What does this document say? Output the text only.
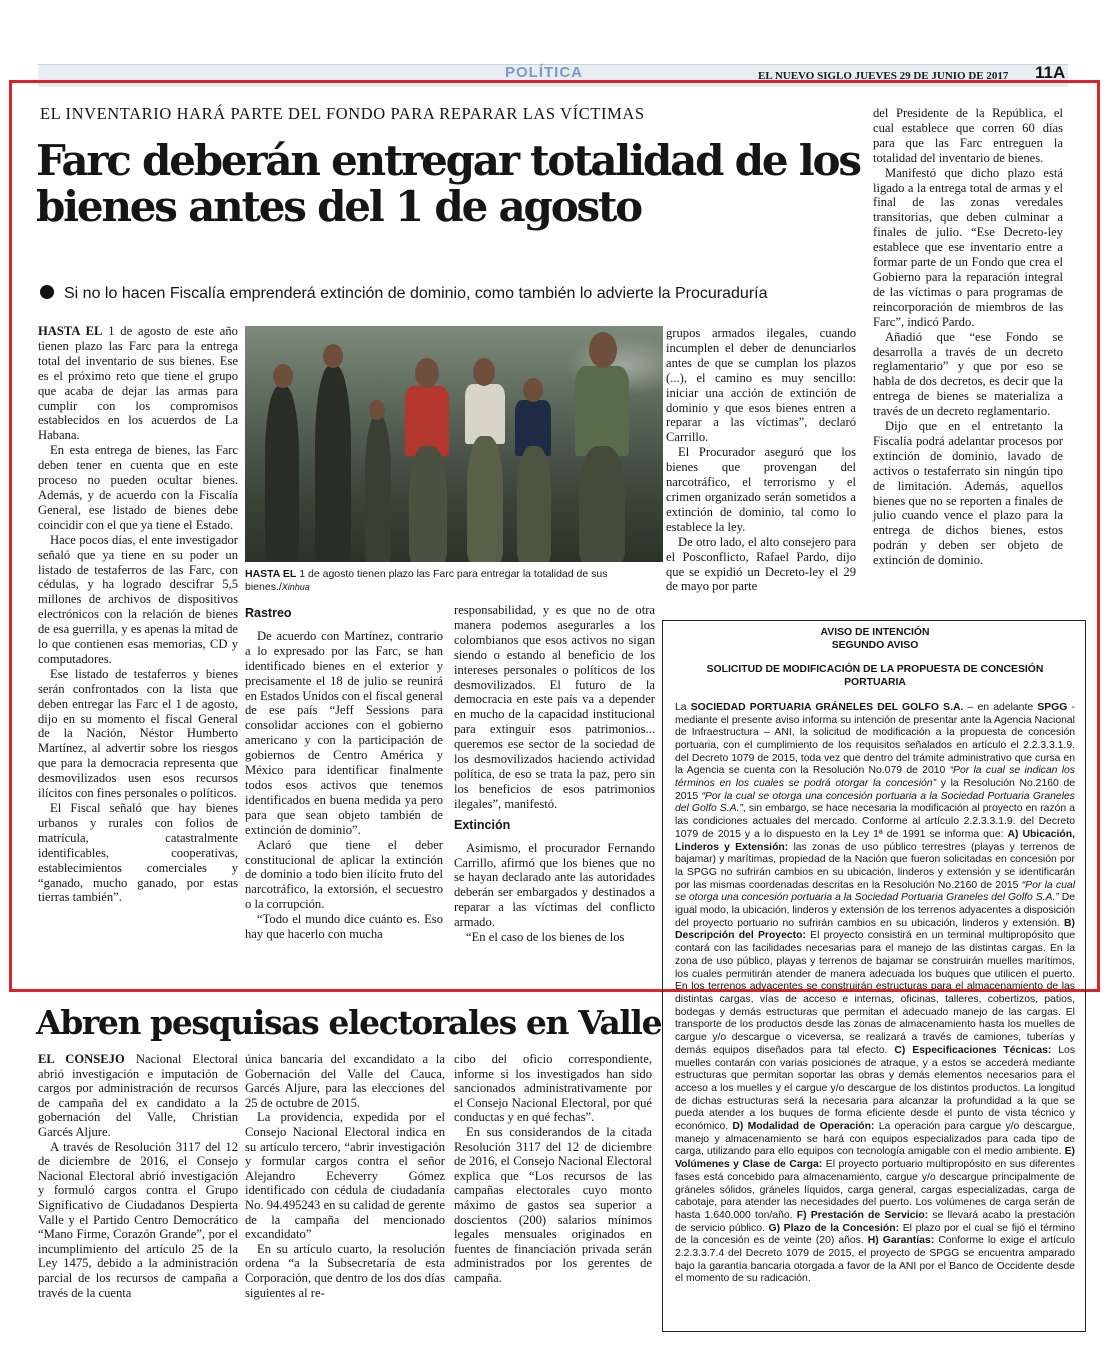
POLÍTICA	EL NUEVO SIGLO JUEVES 29 DE JUNIO DE 2017 11A
EL INVENTARIO HARÁ PARTE DEL FONDO PARA REPARAR LAS VÍCTIMAS
Farc deberán entregar totalidad de los bienes antes del 1 de agosto
Si no lo hacen Fiscalía emprenderá extinción de dominio, como también lo advierte la Procuraduría

HASTA EL 1 de agosto de este año tienen plazo las Farc para la entrega total del inventario de sus bienes. Ese es el próximo reto que tiene el grupo que acaba de dejar las armas para cumplir con los compromisos establecidos en los acuerdos de La Habana.

En esta entrega de bienes, las Farc deben tener en cuenta que en este proceso no pueden ocultar bienes. Además, y de acuerdo con la Fiscalía General, ese listado de bienes debe coincidir con el que ya tiene el Estado.

Hace pocos días, el ente investigador señaló que ya tiene en su poder un listado de testaferros de las Farc, con cédulas, y ha logrado descifrar 5,5 millones de archivos de dispositivos electrónicos con la relación de bienes de esa guerrilla, y es apenas la mitad de lo que contienen esas memorias, CD y computadores.

Ese listado de testaferros y bienes serán confrontados con la lista que deben entregar las Farc el 1 de agosto, dijo en su momento el fiscal General de la Nación, Néstor Humberto Martínez, al advertir sobre los riesgos que para la democracia representa que desmovilizados usen esos recursos ilícitos con fines personales o políticos.

El Fiscal señaló que hay bienes urbanos y rurales con folios de matrícula, catastralmente identificables, cooperativas, establecimientos comerciales y “ganado, mucho ganado, por estas tierras también”.

HASTA EL 1 de agosto tienen plazo las Farc para entregar la totalidad de sus bienes./Xinhua
Rastreo

De acuerdo con Martínez, contrario a lo expresado por las Farc, se han identificado bienes en el exterior y precisamente el 18 de julio se reunirá en Estados Unidos con el fiscal general de ese país “Jeff Sessions para consolidar acciones con el gobierno americano y con la participación de gobiernos de Centro América y México para identificar finalmente todos esos activos que tenemos identificados en buena medida ya pero para que sean objeto también de extinción de dominio”.

Aclaró que tiene el deber constitucional de aplicar la extinción de dominio a todo bien ilícito fruto del narcotráfico, la extorsión, el secuestro o la corrupción.

“Todo el mundo dice cuánto es. Eso hay que hacerlo con mucha

responsabilidad, y es que no de otra manera podemos asegurarles a los colombianos que esos activos no sigan siendo o estando al beneficio de los intereses personales o políticos de los desmovilizados. El futuro de la democracia en este país va a depender en mucho de la capacidad institucional para extinguir esos patrimonios... queremos ese sector de la sociedad de los desmovilizados haciendo actividad política, de eso se trata la paz, pero sin los beneficios de esos patrimonios ilegales”, manifestó.

Extinción

Asimismo, el procurador Fernando Carrillo, afirmó que los bienes que no se hayan declarado ante las autoridades deberán ser embargados y destinados a reparar a las víctimas del conflicto armado.

“En el caso de los bienes de los

grupos armados ilegales, cuando incumplen el deber de denunciarlos antes de que se cumplan los plazos (...), el camino es muy sencillo: iniciar una acción de extinción de dominio y que esos bienes entren a reparar a las víctimas”, declaró Carrillo.

El Procurador aseguró que los bienes que provengan del narcotráfico, el terrorismo y el crimen organizado serán sometidos a extinción de dominio, tal como lo establece la ley.

De otro lado, el alto consejero para el Posconflicto, Rafael Pardo, dijo que se expidió un Decreto-ley el 29 de mayo por parte

del Presidente de la República, el cual establece que corren 60 días para que las Farc entreguen la totalidad del inventario de bienes.

Manifestó que dicho plazo está ligado a la entrega total de armas y el final de las zonas veredales transitorias, que deben culminar a finales de julio. “Ese Decreto-ley establece que ese inventario entre a formar parte de un Fondo que crea el Gobierno para la reparación integral de las víctimas o para programas de reincorporación de miembros de las Farc”, indicó Pardo.

Añadió que “ese Fondo se desarrolla a través de un decreto reglamentario” y que por eso se habla de dos decretos, es decir que la entrega de bienes se materializa a través de un decreto reglamentario.

Dijo que en el entretanto la Fiscalía podrá adelantar procesos por extinción de dominio, lavado de activos o testaferrato sin ningún tipo de limitación. Además, aquellos bienes que no se reporten a finales de julio cuando vence el plazo para la entrega de dichos bienes, estos podrán y deben ser objeto de extinción de dominio.

AVISO DE INTENCIÓN
SEGUNDO AVISO
SOLICITUD DE MODIFICACIÓN DE LA PROPUESTA DE CONCESIÓN PORTUARIA

La SOCIEDAD PORTUARIA GRÁNELES DEL GOLFO S.A. – en adelante SPGG - mediante el presente aviso informa su intención de presentar ante la Agencia Nacional de Infraestructura – ANI, la solicitud de modificación a la propuesta de concesión portuaria, con el cumplimiento de los requisitos señalados en artículo el 2.2.3.3.1.9. del Decreto 1079 de 2015, toda vez que dentro del trámite administrativo que cursa en la Agencia se cuenta con la Resolución No.079 de 2010 “Por la cual se indican los términos en los cuales se podrá otorgar la concesión” y la Resolución No.2160 de 2015 “Por la cual se otorga una concesión portuaria a la Sociedad Portuaria Graneles del Golfo S.A.”, sin embargo, se hace necesaria la modificación al proyecto en razón a las condiciones actuales del mercado. Conforme al artículo 2.2.3.3.1.9. del Decreto 1079 de 2015 y a lo dispuesto en la Ley 1ª de 1991 se informa que: A) Ubicación, Linderos y Extensión: las zonas de uso público terrestres (playas y terrenos de bajamar) y marítimas, propiedad de la Nación que fueron solicitadas en concesión por la SPGG no sufrirán cambios en su ubicación, linderos y extensión y se identificarán por las mismas coordenadas descritas en la Resolución No.2160 de 2015 “Por la cual se otorga una concesión portuaria a la Sociedad Portuaria Graneles del Golfo S.A.” De igual modo, la ubicación, linderos y extensión de los terrenos adyacentes a disposición del proyecto portuario no sufrirán cambios en su ubicación, linderos y extensión. B) Descripción del Proyecto: El proyecto consistirá en un terminal multipropósito que contará con las facilidades necesarias para el manejo de las distintas cargas. En la zona de uso público, playas y terrenos de bajamar se construirán muelles marítimos, los cuales permitirán atender de manera adecuada los buques que utilicen el puerto. En los terrenos adyacentes se construirán estructuras para el almacenamiento de las distintas cargas, vías de acceso e internas, oficinas, talleres, cobertizos, patios, bodegas y demás estructuras que permitan el adecuado manejo de las cargas. El transporte de los productos desde las zonas de almacenamiento hasta los muelles de cargue y/o descargue o viceversa, se realizará a través de camiones, tuberías y demás equipos diseñados para tal efecto. C) Especificaciones Técnicas: Los muelles contarán con varias posiciones de atraque, y a estos se accederá mediante estructuras que permitan soportar las obras y demás elementos necesarios para el acceso a los muelles y el cargue y/o descargue de los distintos productos. La longitud de dichas estructuras será la necesaria para alcanzar la profundidad a la que se pueda atender a los buques de forma eficiente desde el punto de vista técnico y económico. D) Modalidad de Operación: La operación para cargue y/o descargue, manejo y almacenamiento se hará con equipos especializados para cada tipo de carga, utilizando para ello equipos con tecnología amigable con el medio ambiente. E) Volúmenes y Clase de Carga: El proyecto portuario multipropósito en sus diferentes fases está concebido para almacenamiento, cargue y/o descargue principalmente de gráneles sólidos, gráneles líquidos, carga general, cargas especializadas, carga de cabotaje, para atender las necesidades del puerto. Los volúmenes de carga serán de hasta 1.640.000 ton/año. F) Prestación de Servicio: se llevará acabo la prestación de servicio público. G) Plazo de la Concesión: El plazo por el cual se fijó el término de la concesión es de veinte (20) años. H) Garantías: Conforme lo exige el artículo 2.2.3.3.7.4 del Decreto 1079 de 2015, el proyecto de SPGG se encuentra amparado bajo la garantía bancaria otorgada a favor de la ANI por el Banco de Occidente desde el momento de su radicación.

Abren pesquisas electorales en Valle

EL CONSEJO Nacional Electoral abrió investigación e imputación de cargos por administración de recursos de campaña del ex candidato a la gobernación del Valle, Christian Garcés Aljure.

A través de Resolución 3117 del 12 de diciembre de 2016, el Consejo Nacional Electoral abrió investigación y formuló cargos contra el Grupo Significativo de Ciudadanos Despierta Valle y el Partido Centro Democrático “Mano Firme, Corazón Grande”, por el incumplimiento del artículo 25 de la Ley 1475, debido a la administración parcial de los recursos de campaña a través de la cuenta

única bancaria del excandidato a la Gobernación del Valle del Cauca, Garcés Aljure, para las elecciones del 25 de octubre de 2015.

La providencia, expedida por el Consejo Nacional Electoral indica en su artículo tercero, “abrir investigación y formular cargos contra el señor Alejandro Echeverry Gómez identificado con cédula de ciudadanía No. 94.495243 en su calidad de gerente de la campaña del mencionado excandidato”

En su artículo cuarto, la resolución ordena “a la Subsecretaría de esta Corporación, que dentro de los dos días siguientes al re-

cibo del oficio correspondiente, informe si los investigados han sido sancionados administrativamente por el Consejo Nacional Electoral, por qué conductas y en qué fechas”.

En sus considerandos de la citada Resolución 3117 del 12 de diciembre de 2016, el Consejo Nacional Electoral explica que “Los recursos de las campañas electorales cuyo monto máximo de gastos sea superior a doscientos (200) salarios mínimos legales mensuales originados en fuentes de financiación privada serán administrados por los gerentes de campaña.
